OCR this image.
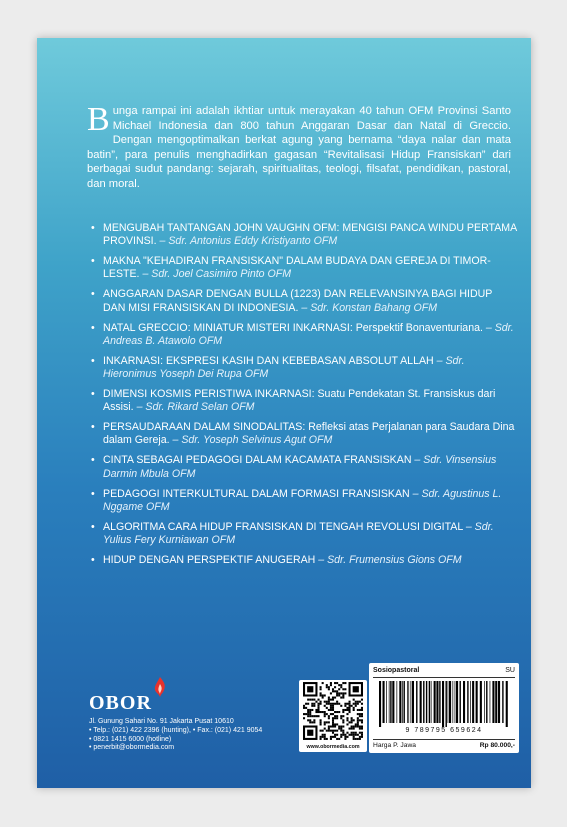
Bunga rampai ini adalah ikhtiar untuk merayakan 40 tahun OFM Provinsi Santo Michael Indonesia dan 800 tahun Anggaran Dasar dan Natal di Greccio. Dengan mengoptimalkan berkat agung yang bernama “daya nalar dan mata batin”, para penulis menghadirkan gagasan “Revitalisasi Hidup Fransiskan” dari berbagai sudut pandang: sejarah, spiritualitas, teologi, filsafat, pendidikan, pastoral, dan moral.
• MENGUBAH TANTANGAN JOHN VAUGHN OFM: MENGISI PANCA WINDU PERTAMA PROVINSI. – Sdr. Antonius Eddy Kristiyanto OFM
• MAKNA "KEHADIRAN FRANSISKAN" DALAM BUDAYA DAN GEREJA DI TIMOR-LESTE. – Sdr. Joel Casimiro Pinto OFM
• ANGGARAN DASAR DENGAN BULLA (1223) DAN RELEVANSINYA BAGI HIDUP DAN MISI FRANSISKAN DI INDONESIA. – Sdr. Konstan Bahang OFM
• NATAL GRECCIO: MINIATUR MISTERI INKARNASI: Perspektif Bonaventuriana. – Sdr. Andreas B. Atawolo OFM
• INKARNASI: EKSPRESI KASIH DAN KEBEBASAN ABSOLUT ALLAH – Sdr. Hieronimus Yoseph Dei Rupa OFM
• DIMENSI KOSMIS PERISTIWA INKARNASI: Suatu Pendekatan St. Fransiskus dari Assisi. – Sdr. Rikard Selan OFM
• PERSAUDARAAN DALAM SINODALITAS: Refleksi atas Perjalanan para Saudara Dina dalam Gereja. – Sdr. Yoseph Selvinus Agut OFM
• CINTA SEBAGAI PEDAGOGI DALAM KACAMATA FRANSISKAN – Sdr. Vinsensius Darmin Mbula OFM
• PEDAGOGI INTERKULTURAL DALAM FORMASI FRANSISKAN – Sdr. Agustinus L. Nggame OFM
• ALGORITMA CARA HIDUP FRANSISKAN DI TENGAH REVOLUSI DIGITAL – Sdr. Yulius Fery Kurniawan OFM
• HIDUP DENGAN PERSPEKTIF ANUGERAH – Sdr. Frumensius Gions OFM
OBOR
Jl. Gunung Sahari No. 91 Jakarta Pusat 10610
• Telp.: (021) 422 2396 (hunting), • Fax.: (021) 421 9054
• 0821 1415 6000 (hotline)
• penerbit@obormedia.com	www.obormedia.com
Sosiopastoral	SU
9 789795 659624
Harga P. Jawa	Rp 80.000,-
